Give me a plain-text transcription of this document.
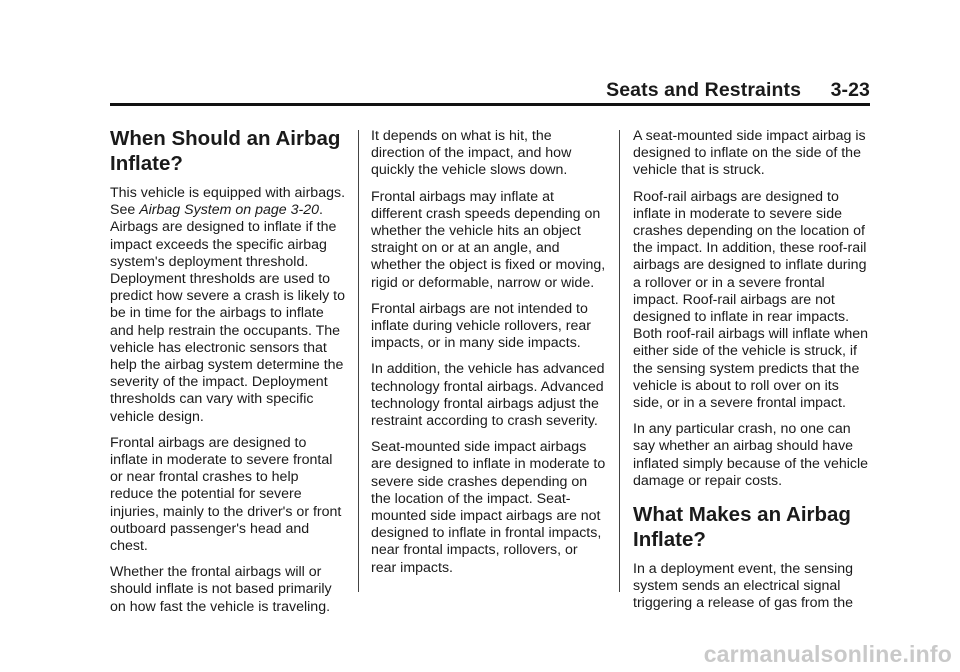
Seats and Restraints 3-23
When Should an Airbag Inflate?

This vehicle is equipped with airbags. See Airbag System on page 3-20. Airbags are designed to inflate if the impact exceeds the specific airbag system's deployment threshold. Deployment thresholds are used to predict how severe a crash is likely to be in time for the airbags to inflate and help restrain the occupants. The vehicle has electronic sensors that help the airbag system determine the severity of the impact. Deployment thresholds can vary with specific vehicle design.

Frontal airbags are designed to inflate in moderate to severe frontal or near frontal crashes to help reduce the potential for severe injuries, mainly to the driver's or front outboard passenger's head and chest.

Whether the frontal airbags will or should inflate is not based primarily on how fast the vehicle is traveling.

It depends on what is hit, the direction of the impact, and how quickly the vehicle slows down.

Frontal airbags may inflate at different crash speeds depending on whether the vehicle hits an object straight on or at an angle, and whether the object is fixed or moving, rigid or deformable, narrow or wide.

Frontal airbags are not intended to inflate during vehicle rollovers, rear impacts, or in many side impacts.

In addition, the vehicle has advanced technology frontal airbags. Advanced technology frontal airbags adjust the restraint according to crash severity.

Seat-mounted side impact airbags are designed to inflate in moderate to severe side crashes depending on the location of the impact. Seat-mounted side impact airbags are not designed to inflate in frontal impacts, near frontal impacts, rollovers, or rear impacts.

A seat-mounted side impact airbag is designed to inflate on the side of the vehicle that is struck.

Roof-rail airbags are designed to inflate in moderate to severe side crashes depending on the location of the impact. In addition, these roof-rail airbags are designed to inflate during a rollover or in a severe frontal impact. Roof-rail airbags are not designed to inflate in rear impacts. Both roof-rail airbags will inflate when either side of the vehicle is struck, if the sensing system predicts that the vehicle is about to roll over on its side, or in a severe frontal impact.

In any particular crash, no one can say whether an airbag should have inflated simply because of the vehicle damage or repair costs.

What Makes an Airbag Inflate?

In a deployment event, the sensing system sends an electrical signal triggering a release of gas from the

carmanualsonline.info
